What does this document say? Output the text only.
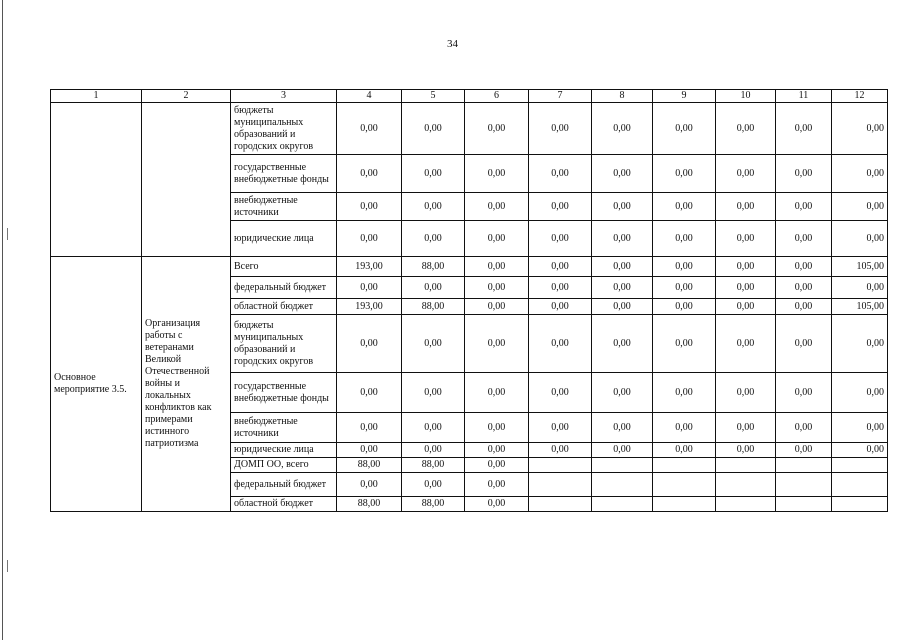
34
1	2	3	4	5	6	7	8	9	10	11	12
		бюджеты муниципальных образований и городских округов	0,00	0,00	0,00	0,00	0,00	0,00	0,00	0,00	0,00
		государственные внебюджетные фонды	0,00	0,00	0,00	0,00	0,00	0,00	0,00	0,00	0,00
		внебюджетные источники	0,00	0,00	0,00	0,00	0,00	0,00	0,00	0,00	0,00
		юридические лица	0,00	0,00	0,00	0,00	0,00	0,00	0,00	0,00	0,00
Основное мероприятие 3.5.	Организация работы с ветеранами Великой Отечественной войны и локальных конфликтов как примерами истинного патриотизма	Всего	193,00	88,00	0,00	0,00	0,00	0,00	0,00	0,00	105,00
		федеральный бюджет	0,00	0,00	0,00	0,00	0,00	0,00	0,00	0,00	0,00
		областной бюджет	193,00	88,00	0,00	0,00	0,00	0,00	0,00	0,00	105,00
		бюджеты муниципальных образований и городских округов	0,00	0,00	0,00	0,00	0,00	0,00	0,00	0,00	0,00
		государственные внебюджетные фонды	0,00	0,00	0,00	0,00	0,00	0,00	0,00	0,00	0,00
		внебюджетные источники	0,00	0,00	0,00	0,00	0,00	0,00	0,00	0,00	0,00
		юридические лица	0,00	0,00	0,00	0,00	0,00	0,00	0,00	0,00	0,00
		ДОМП ОО, всего	88,00	88,00	0,00						
		федеральный бюджет	0,00	0,00	0,00						
		областной бюджет	88,00	88,00	0,00						
